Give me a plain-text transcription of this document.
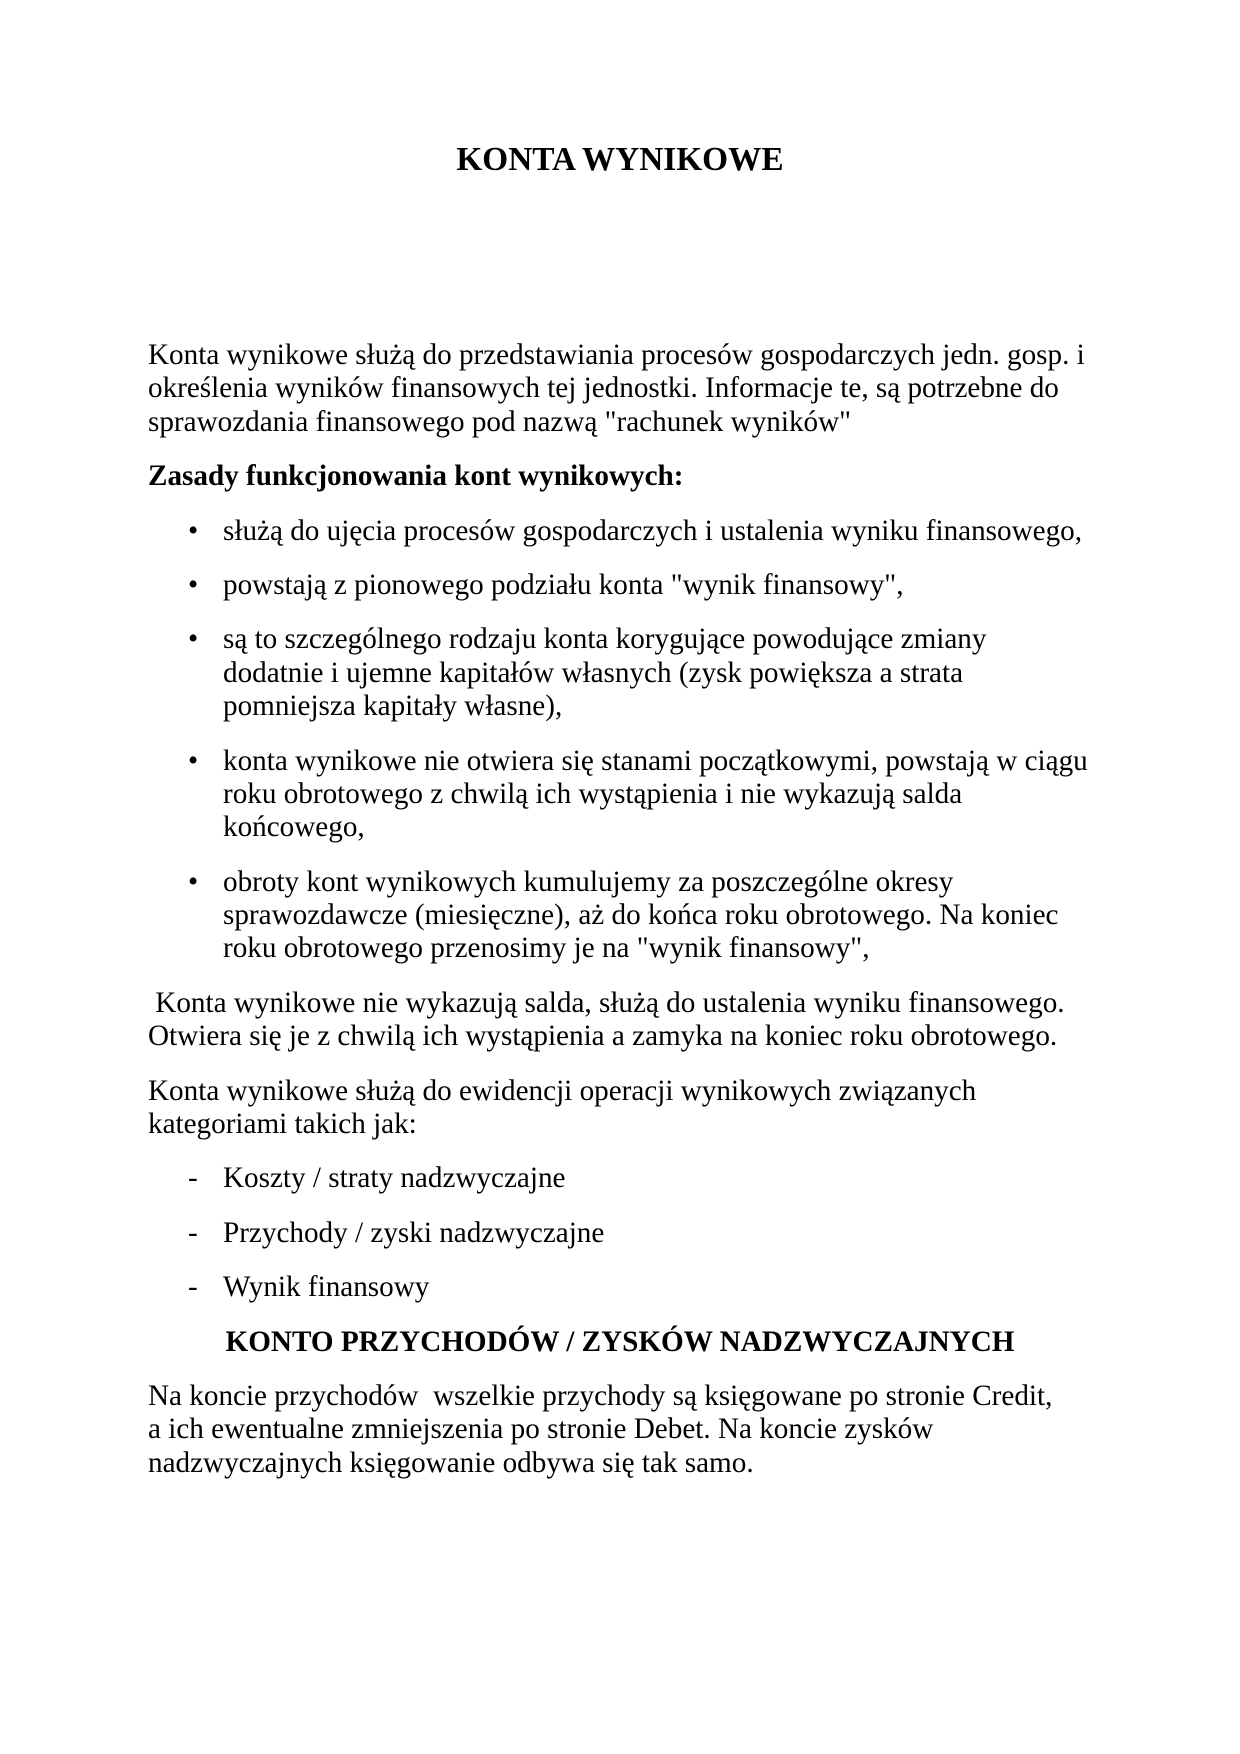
KONTA WYNIKOWE
Konta wynikowe służą do przedstawiania procesów gospodarczych jedn. gosp. i
określenia wyników finansowych tej jednostki. Informacje te, są potrzebne do
sprawozdania finansowego pod nazwą "rachunek wyników"
Zasady funkcjonowania kont wynikowych:
• służą do ujęcia procesów gospodarczych i ustalenia wyniku finansowego,
• powstają z pionowego podziału konta "wynik finansowy",
• są to szczególnego rodzaju konta korygujące powodujące zmiany
dodatnie i ujemne kapitałów własnych (zysk powiększa a strata
pomniejsza kapitały własne),
• konta wynikowe nie otwiera się stanami początkowymi, powstają w ciągu
roku obrotowego z chwilą ich wystąpienia i nie wykazują salda
końcowego,
• obroty kont wynikowych kumulujemy za poszczególne okresy
sprawozdawcze (miesięczne), aż do końca roku obrotowego. Na koniec
roku obrotowego przenosimy je na "wynik finansowy",
Konta wynikowe nie wykazują salda, służą do ustalenia wyniku finansowego.
Otwiera się je z chwilą ich wystąpienia a zamyka na koniec roku obrotowego.
Konta wynikowe służą do ewidencji operacji wynikowych związanych
kategoriami takich jak:
- Koszty / straty nadzwyczajne
- Przychody / zyski nadzwyczajne
- Wynik finansowy
KONTO PRZYCHODÓW / ZYSKÓW NADZWYCZAJNYCH
Na koncie przychodów  wszelkie przychody są księgowane po stronie Credit,
a ich ewentualne zmniejszenia po stronie Debet. Na koncie zysków
nadzwyczajnych księgowanie odbywa się tak samo.
